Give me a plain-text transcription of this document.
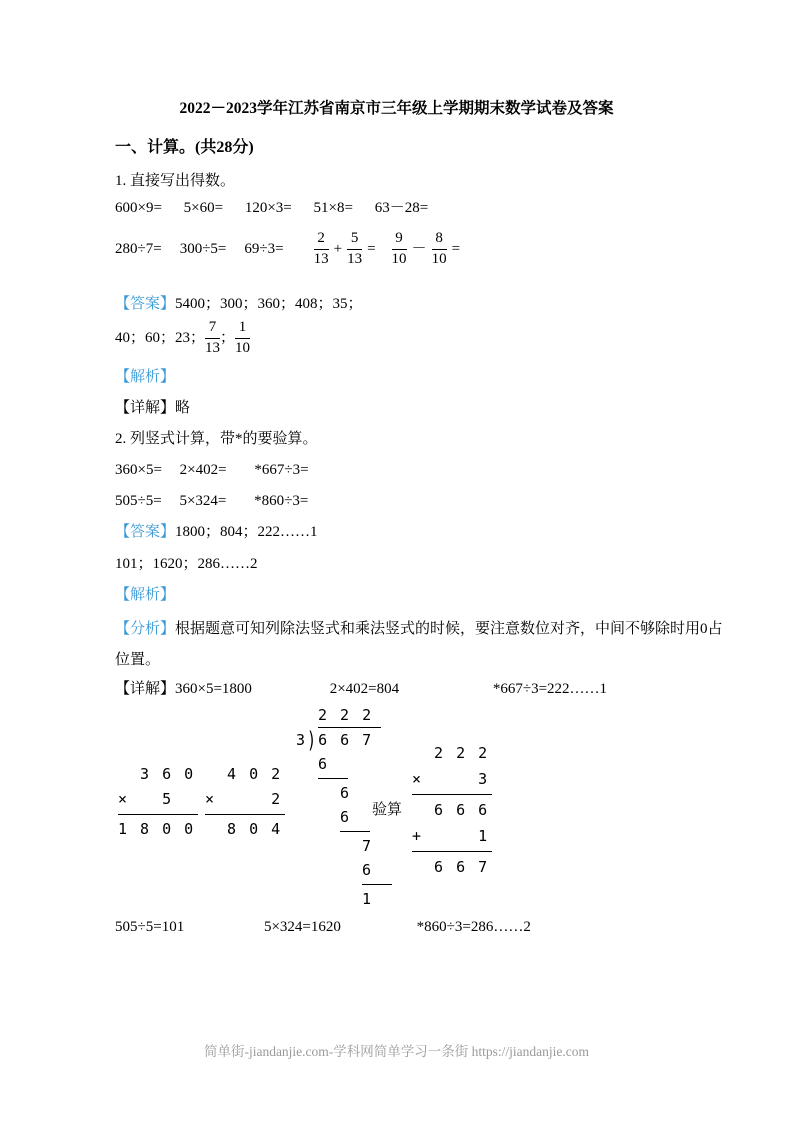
2022－2023学年江苏省南京市三年级上学期期末数学试卷及答案
一、计算。(共28分)
1. 直接写出得数。
600×9= 5×60= 120×3= 51×8= 63－28=
$280\div 7= 300\div 5= 69\div 3= \frac{2}{13} + \frac{5}{13} = \frac{9}{10} - \frac{8}{10}$ =
【答案】5400；300；360；408；35；
40；60；23； $\frac{7}{13}$ ； $\frac{1}{10}$
【解析】
【详解】略
2. 列竖式计算，带*的要验算。
360×5= 2×402= *667÷3=
505÷5= 5×324= *860÷3=
【答案】1800；804；222……1
101；1620；286……2
【解析】
【分析】根据题意可知列除法竖式和乘法竖式的时候，要注意数位对齐，中间不够除时用0占位置。
【详解】360×5=1800	2×402=804	*667÷3=222……1
3 6 0
×   5
1 8 0 0
4 0 2
×     2
8 0 4
2 2 2
3)6 6 7
6
6
6
7
6
1
验算
2 2 2
×     3
6 6 6
+     1
6 6 7
505÷5=101	5×324=1620	*860÷3=286……2
简单街-jiandanjie.com-学科网简单学习一条街 https://jiandanjie.com
